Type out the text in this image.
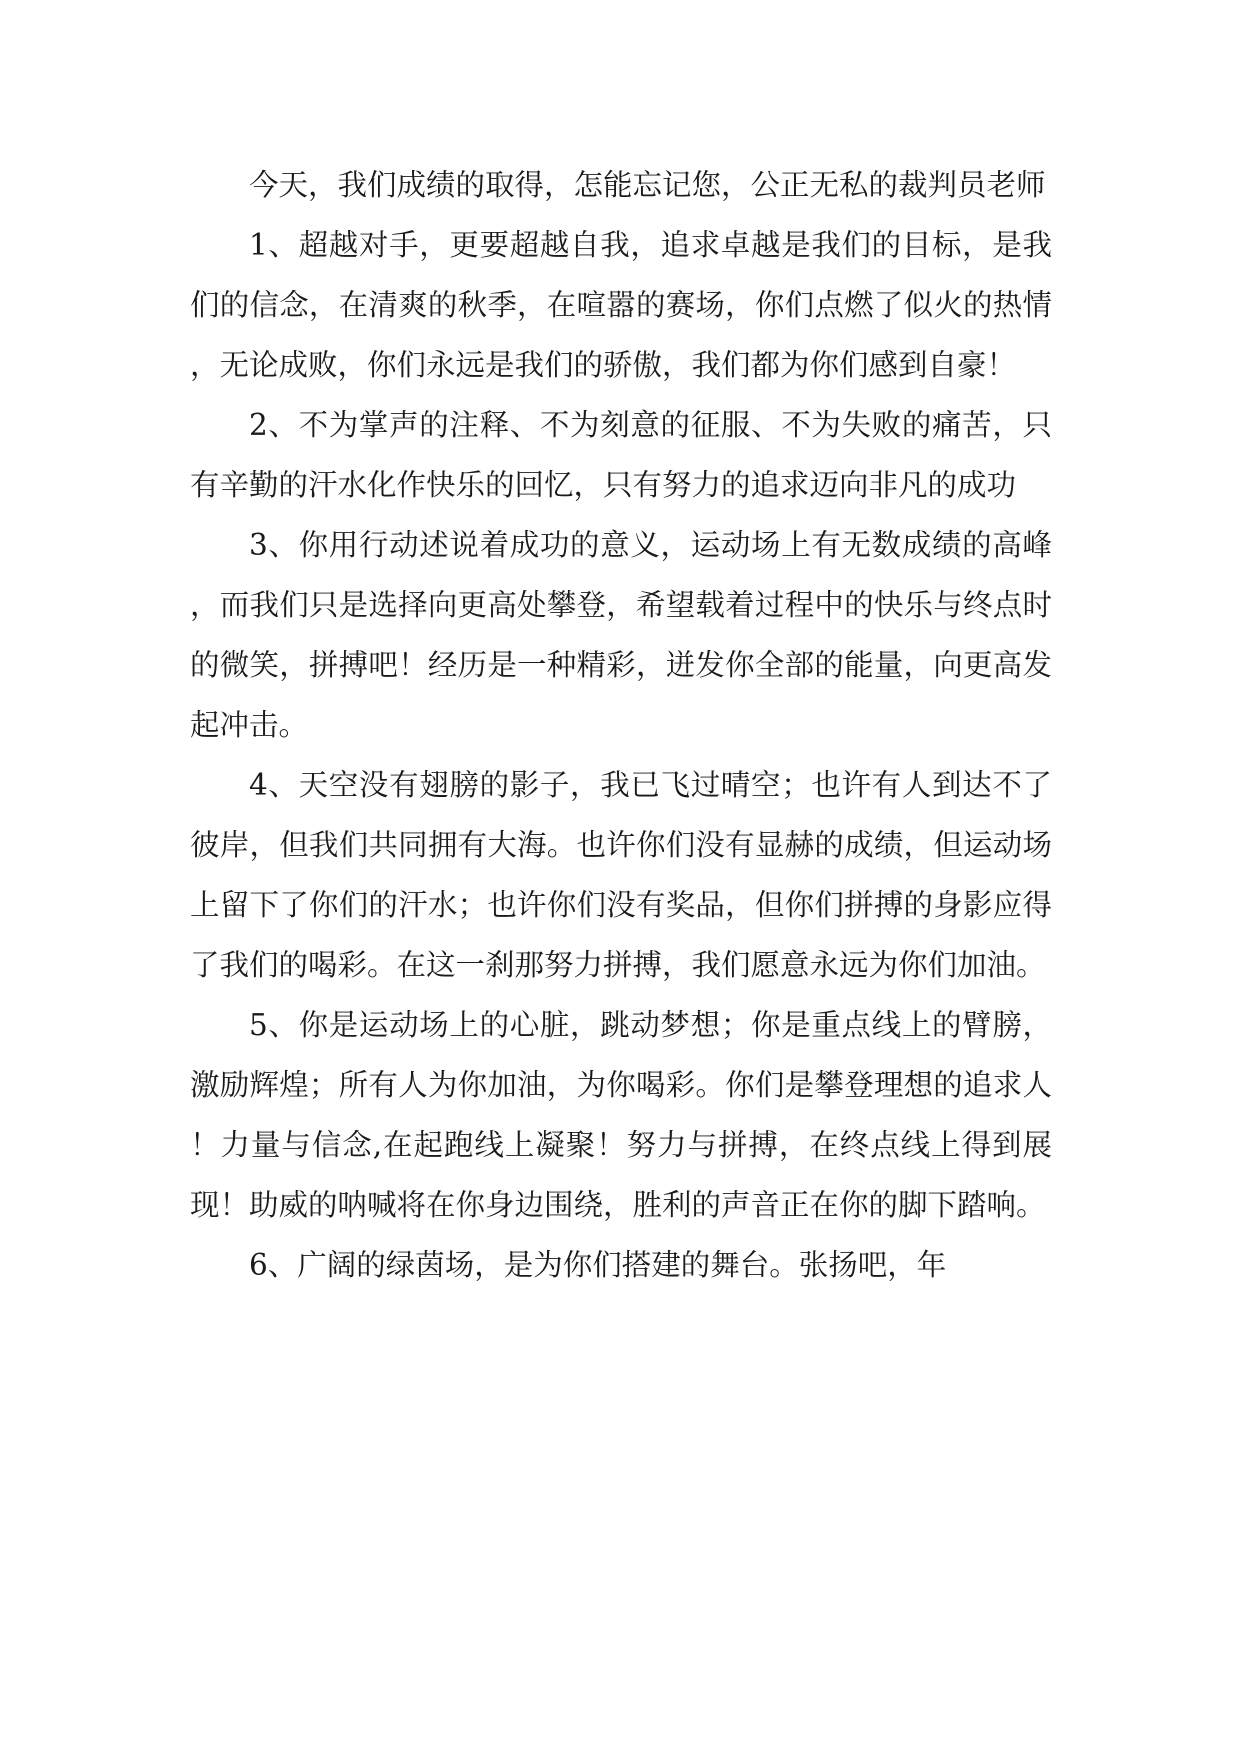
今天，我们成绩的取得，怎能忘记您，公正无私的裁判员老师

1、超越对手，更要超越自我，追求卓越是我们的目标，是我们的信念，在清爽的秋季，在喧嚣的赛场，你们点燃了似火的热情，无论成败，你们永远是我们的骄傲，我们都为你们感到自豪！

2、不为掌声的注释、不为刻意的征服、不为失败的痛苦，只有辛勤的汗水化作快乐的回忆，只有努力的追求迈向非凡的成功

3、你用行动述说着成功的意义，运动场上有无数成绩的高峰，而我们只是选择向更高处攀登，希望载着过程中的快乐与终点时的微笑，拼搏吧！经历是一种精彩，迸发你全部的能量，向更高发起冲击。

4、天空没有翅膀的影子，我已飞过晴空；也许有人到达不了彼岸，但我们共同拥有大海。也许你们没有显赫的成绩，但运动场上留下了你们的汗水；也许你们没有奖品，但你们拼搏的身影应得了我们的喝彩。在这一刹那努力拼搏，我们愿意永远为你们加油。

5、你是运动场上的心脏，跳动梦想；你是重点线上的臂膀，激励辉煌；所有人为你加油，为你喝彩。你们是攀登理想的追求人！力量与信念,在起跑线上凝聚！努力与拼搏，在终点线上得到展现！助威的呐喊将在你身边围绕，胜利的声音正在你的脚下踏响。

6、广阔的绿茵场，是为你们搭建的舞台。张扬吧，年
